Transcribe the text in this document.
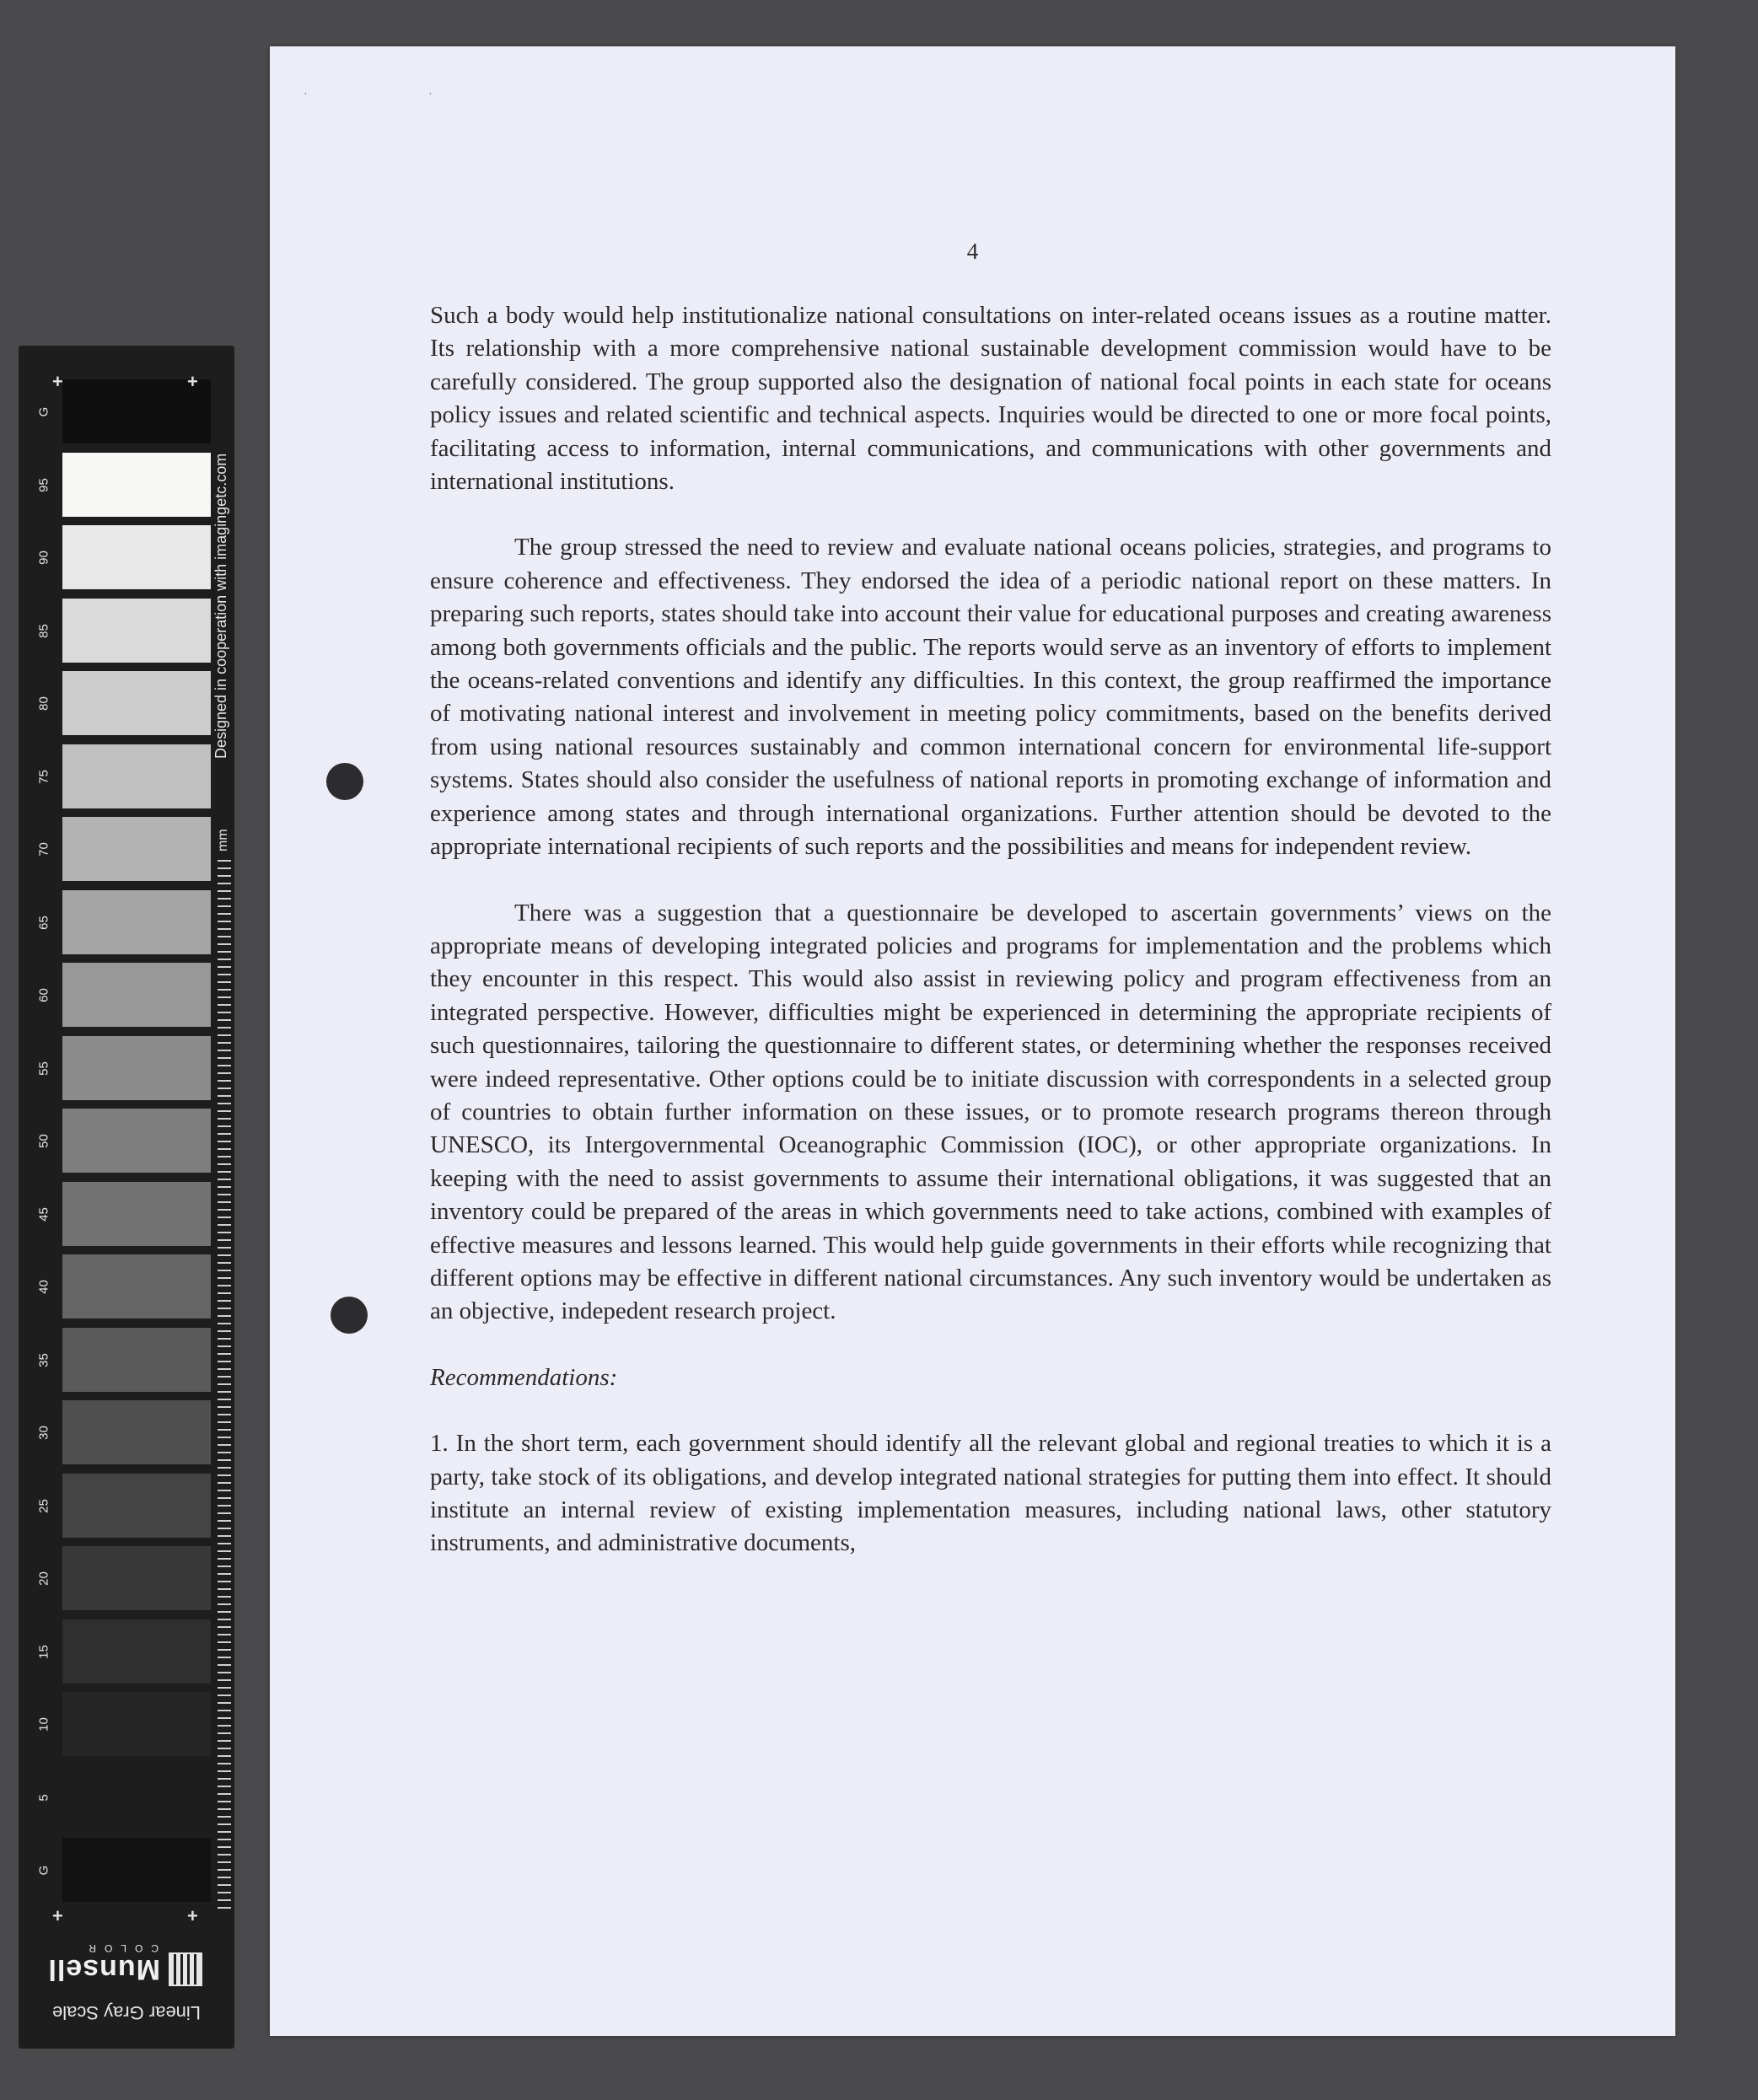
G
95
90
85
80
75
70
65
60
55
50
45
40
35
30
25
20
15
10
5
G
+	+
+	+
Designed in cooperation with imagingetc.com
mm
Linear Gray Scale
Munsell
COLOR
· ·
4

Such a body would help institutionalize national consultations on inter-related oceans issues as a routine matter. Its relationship with a more comprehensive national sustainable development commission would have to be carefully considered. The group supported also the designation of national focal points in each state for oceans policy issues and related scientific and technical aspects. Inquiries would be directed to one or more focal points, facilitating access to information, internal communications, and communications with other governments and international institutions.

The group stressed the need to review and evaluate national oceans policies, strategies, and programs to ensure coherence and effectiveness. They endorsed the idea of a periodic national report on these matters. In preparing such reports, states should take into account their value for educational purposes and creating awareness among both governments officials and the public. The reports would serve as an inventory of efforts to implement the oceans-related conventions and identify any difficulties. In this context, the group reaffirmed the importance of motivating national interest and involvement in meeting policy commitments, based on the benefits derived from using national resources sustainably and common international concern for environmental life-support systems. States should also consider the usefulness of national reports in promoting exchange of information and experience among states and through international organizations. Further attention should be devoted to the appropriate international recipients of such reports and the possibilities and means for independent review.

There was a suggestion that a questionnaire be developed to ascertain governments’ views on the appropriate means of developing integrated policies and programs for implementation and the problems which they encounter in this respect. This would also assist in reviewing policy and program effectiveness from an integrated perspective. However, difficulties might be experienced in determining the appropriate recipients of such questionnaires, tailoring the questionnaire to different states, or determining whether the responses received were indeed representative. Other options could be to initiate discussion with correspondents in a selected group of countries to obtain further information on these issues, or to promote research programs thereon through UNESCO, its Intergovernmental Oceanographic Commission (IOC), or other appropriate organizations. In keeping with the need to assist governments to assume their international obligations, it was suggested that an inventory could be prepared of the areas in which governments need to take actions, combined with examples of effective measures and lessons learned. This would help guide governments in their efforts while recognizing that different options may be effective in different national circumstances. Any such inventory would be undertaken as an objective, indepedent research project.

Recommendations:

1. In the short term, each government should identify all the relevant global and regional treaties to which it is a party, take stock of its obligations, and develop integrated national strategies for putting them into effect. It should institute an internal review of existing implementation measures, including national laws, other statutory instruments, and administrative documents,
